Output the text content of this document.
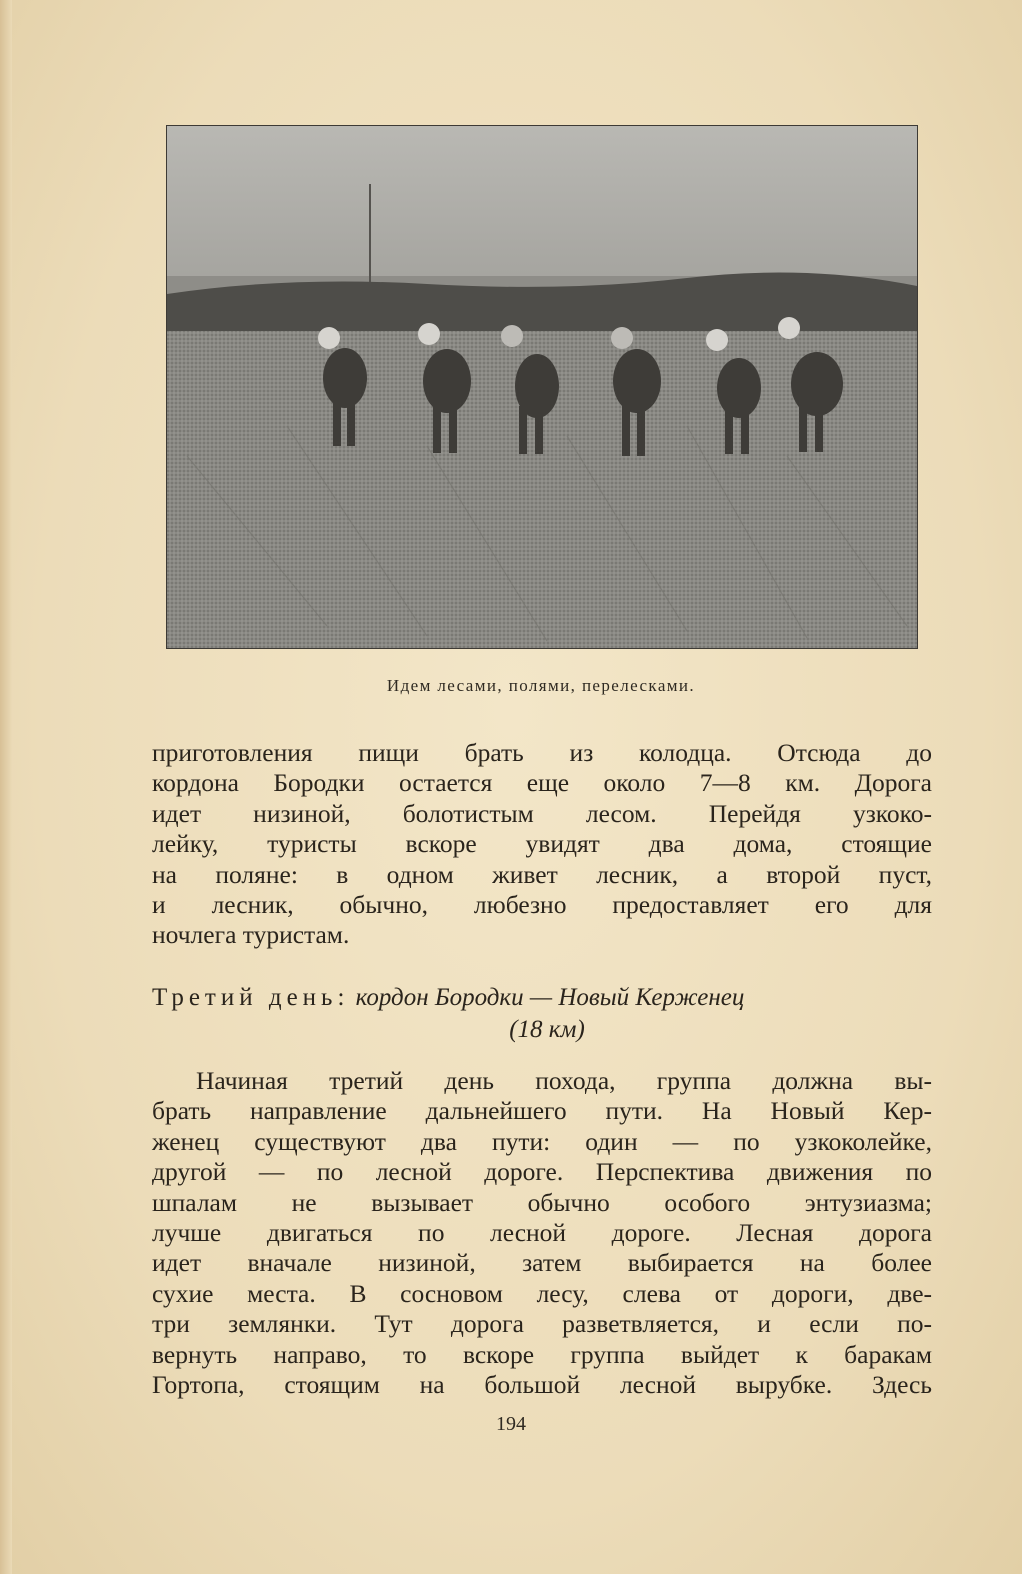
Идем лесами, полями, перелесками.

приготовления пищи брать из колодца. Отсюда до
кордона Бородки остается еще около 7—8 км. Дорога
идет низиной, болотистым лесом. Перейдя узкоко-
лейку, туристы вскоре увидят два дома, стоящие
на поляне: в одном живет лесник, а второй пуст,
и лесник, обычно, любезно предоставляет его для
ночлега туристам.

Третий день: кордон Бородки — Новый Керженец
(18 км)

Начиная третий день похода, группа должна вы-
брать направление дальнейшего пути. На Новый Кер-
женец существуют два пути: один — по узкоколейке,
другой — по лесной дороге. Перспектива движения по
шпалам не вызывает обычно особого энтузиазма;
лучше двигаться по лесной дороге. Лесная дорога
идет вначале низиной, затем выбирается на более
сухие места. В сосновом лесу, слева от дороги, две-
три землянки. Тут дорога разветвляется, и если по-
вернуть направо, то вскоре группа выйдет к баракам
Гортопа, стоящим на большой лесной вырубке. Здесь

194
